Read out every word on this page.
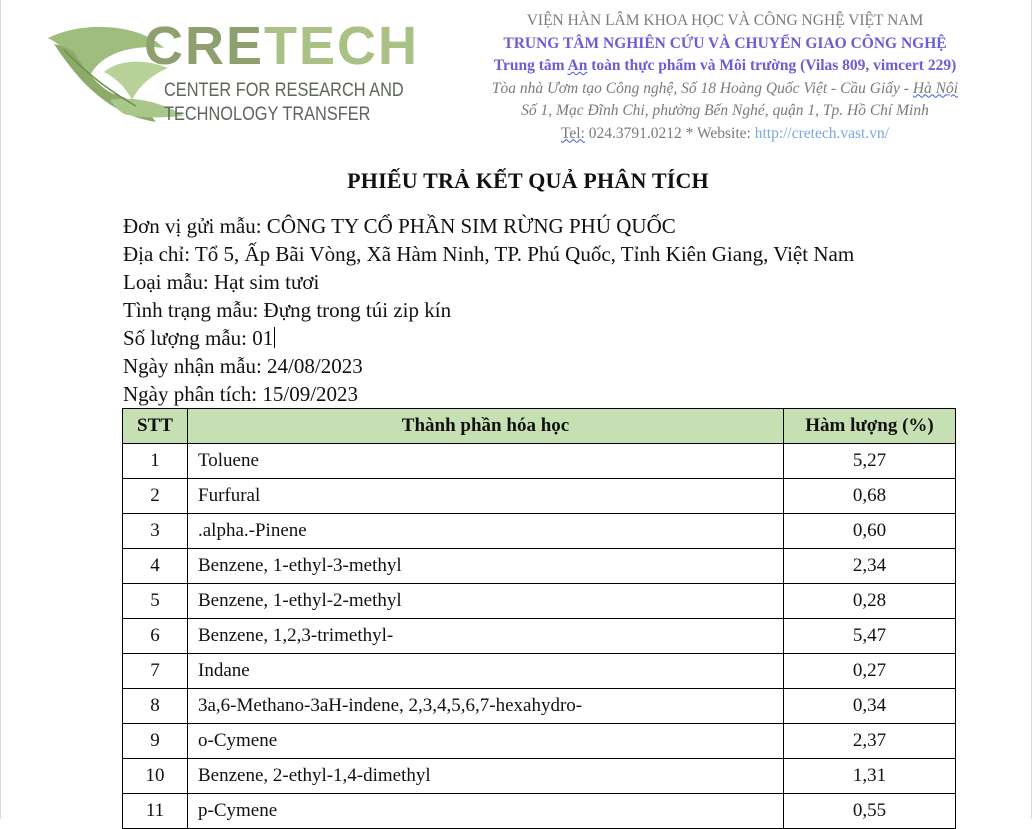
CRETECH
CENTER FOR RESEARCH AND
TECHNOLOGY TRANSFER
VIỆN HÀN LÂM KHOA HỌC VÀ CÔNG NGHỆ VIỆT NAM
TRUNG TÂM NGHIÊN CỨU VÀ CHUYỂN GIAO CÔNG NGHỆ
Trung tâm An toàn thực phẩm và Môi trường (Vilas 809, vimcert 229)
Tòa nhà Ươm tạo Công nghệ, Số 18 Hoàng Quốc Việt - Cầu Giấy - Hà Nội
Số 1, Mạc Đĩnh Chi, phường Bến Nghé, quận 1, Tp. Hồ Chí Minh
Tel: 024.3791.0212 * Website: http://cretech.vast.vn/
PHIẾU TRẢ KẾT QUẢ PHÂN TÍCH
Đơn vị gửi mẫu: CÔNG TY CỔ PHẦN SIM RỪNG PHÚ QUỐC
Địa chỉ: Tổ 5, Ấp Bãi Vòng, Xã Hàm Ninh, TP. Phú Quốc, Tỉnh Kiên Giang, Việt Nam
Loại mẫu: Hạt sim tươi
Tình trạng mẫu: Đựng trong túi zip kín
Số lượng mẫu: 01
Ngày nhận mẫu: 24/08/2023
Ngày phân tích: 15/09/2023
STT	Thành phần hóa học	Hàm lượng (%)
1	Toluene	5,27
2	Furfural	0,68
3	.alpha.-Pinene	0,60
4	Benzene, 1-ethyl-3-methyl	2,34
5	Benzene, 1-ethyl-2-methyl	0,28
6	Benzene, 1,2,3-trimethyl-	5,47
7	Indane	0,27
8	3a,6-Methano-3aH-indene, 2,3,4,5,6,7-hexahydro-	0,34
9	o-Cymene	2,37
10	Benzene, 2-ethyl-1,4-dimethyl	1,31
11	p-Cymene	0,55
